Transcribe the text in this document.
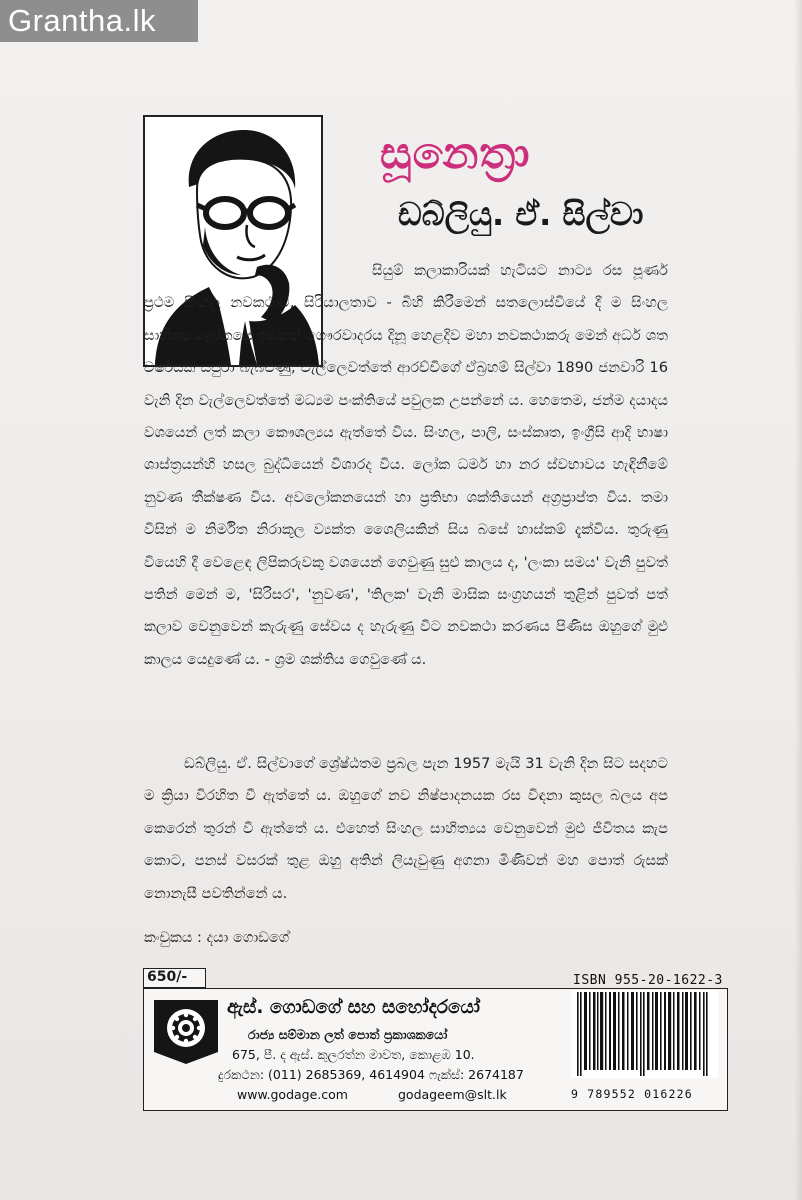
Grantha.lk
සූනෙත්‍රා
ඩබ්ලියු. ඒ. සිල්වා
සියුම් කලාකාරියක් හැටියට නාට්‍ය රස පූර්ණ ප්‍රථම සිංහල නවකථාව, සිරියාලතාව - බිහි කිරීමෙන් සතලොස්වියේ දී ම සිංහල සාහිත්‍ය ලෝකයේ ඉමහත් ගෞරවාදරය දිනූ හෙළදිව මහා නවකථාකරු මෙන් අර්ධ ශත වර්ෂයක් සපුරා බැබළුණු, වැල්ලෙවත්තේ ආරච්චිගේ ඒබ්‍රහම් සිල්වා 1890 ජනවාරි 16 වැනි දින වැල්ලෙවත්තේ මධ්‍යම පංක්තියේ පවුලක උපන්නේ ය. හෙතෙම, ජන්ම දයාදය වශයෙන් ලත් කලා කෞශල්‍යය ඇත්තේ විය. සිංහල, පාලි, සංස්කෘත, ඉංග්‍රීසි ආදි භාෂා ශාස්ත්‍රයන්හි හසල බුද්ධියෙන් විශාරද විය. ලෝක ධර්ම හා නර ස්වභාවය හැඳිනීමේ නුවණ තීක්ෂණ විය. අවලෝකනයෙන් හා ප්‍රතිභා ශක්තියෙන් අග්‍රප්‍රාප්ත විය. තමා විසින් ම නිර්මිත නිරාකූල ව්‍යක්ත ශෛලියකින් සිය බසේ හාස්කම් දැක්විය. තුරුණු වියෙහි දී වෙළෙඳ ලිපිකරුවකු වශයෙන් ගෙවුණු සුළු කාලය ද, 'ලංකා සමය' වැනි පුවත් පතින් මෙන් ම, 'සිරිසර', 'නුවණ', 'තිලක' වැනි මාසික සංග්‍රහයන් තුළින් පුවත් පත් කලාව වෙනුවෙන් කැරුණු සේවය ද හැරුණු විට නවකථා කරණය පිණිස ඔහුගේ මුළු කාලය යෙදුණේ ය. - ශ්‍රම ශක්තිය ගෙවුණේ ය.
ඩබ්ලියු. ඒ. සිල්වාගේ ශ්‍රේෂ්ඨතම ප්‍රබල පැන 1957 මැයි 31 වැනි දින සිට සදහට ම ක්‍රියා විරහිත වී ඇත්තේ ය. ඔහුගේ නව නිෂ්පාදනයක රස විඳනා කුසල බලය අප කෙරෙන් තුරන් වී ඇත්තේ ය. එහෙත් සිංහල සාහිත්‍යය වෙනුවෙන් මුළු ජීවිතය කැප කොට, පනස් වසරක් තුළ ඔහු අතින් ලියැවුණු අගනා මිණිවන් මහ පොත් රුසක් නොනැසී පවතින්නේ ය.
කංචුකය : දයා ගොඩගේ
650/-
ඇස්. ගොඩගේ සහ සහෝදරයෝ
රාජ්‍ය සම්මාන ලත් පොත් ප්‍රකාශකයෝ
675, පී. ද ඇස්. කුලරත්න මාවත, කොළඹ 10.
දුරකථන: (011) 2685369, 4614904 ෆැක්ස්: 2674187
www.godage.com	godageem@slt.lk
ISBN 955-20-1622-3
9 789552 016226
